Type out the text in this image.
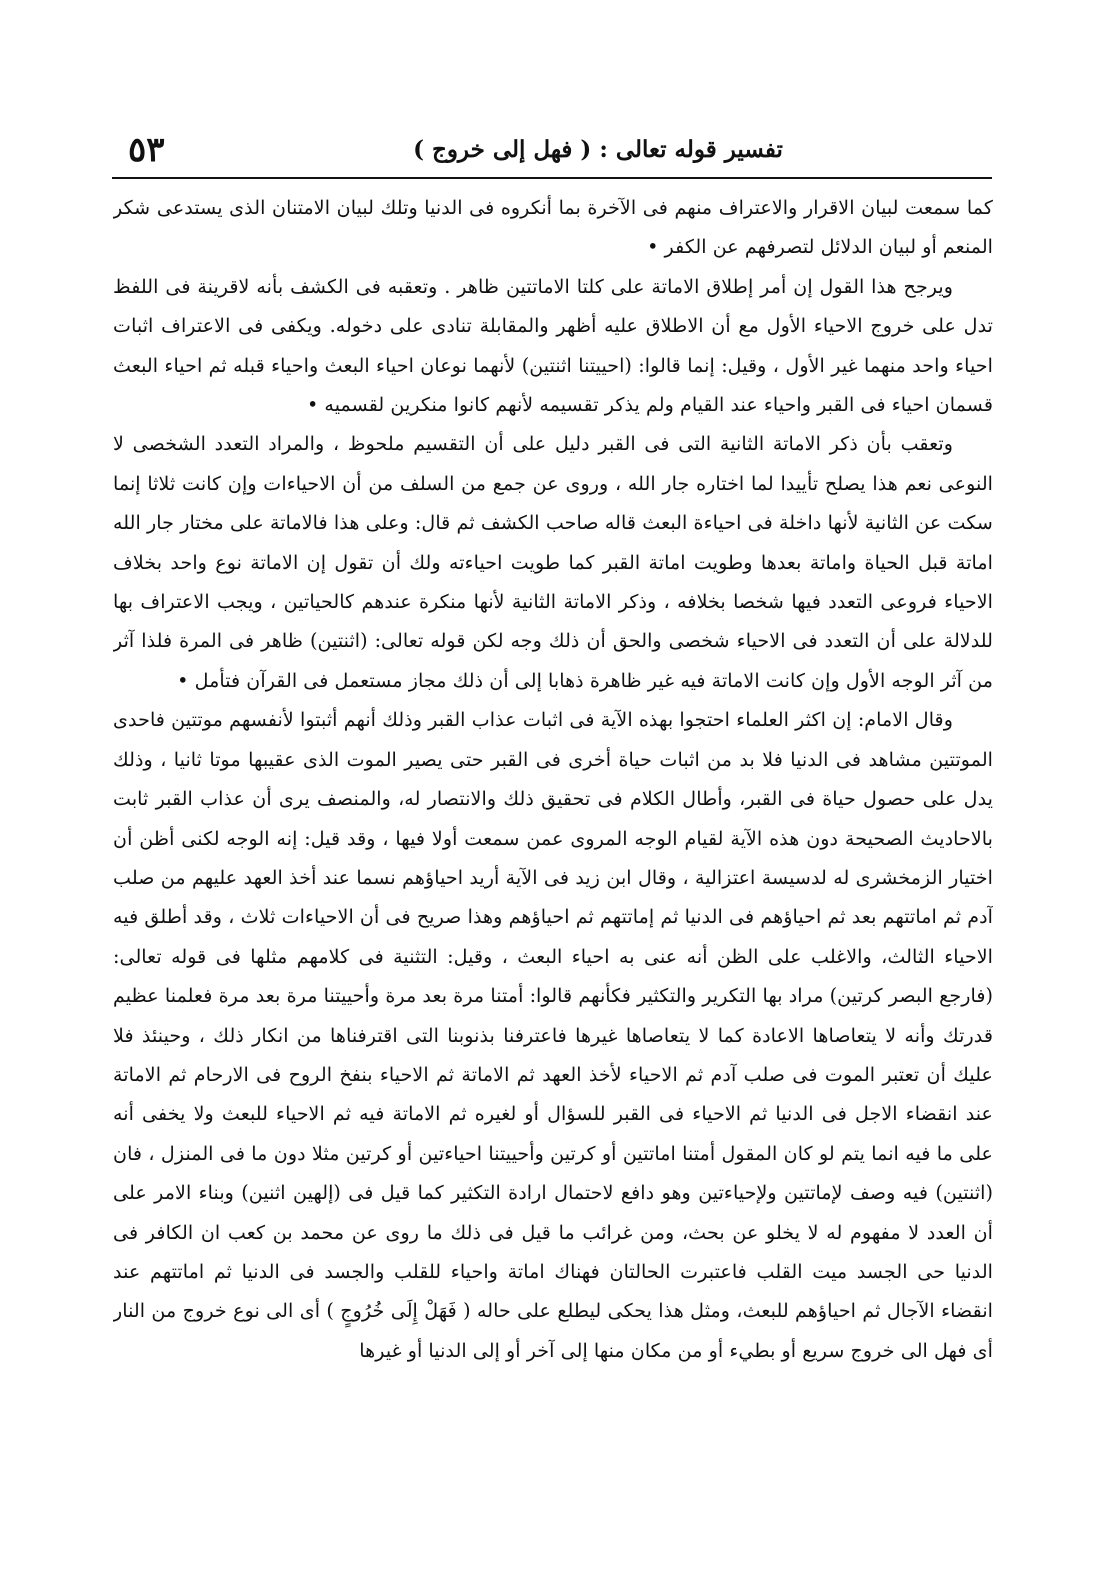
٥٣	تفسير قوله تعالى : ( فهل إلى خروج )

كما سمعت لبيان الاقرار والاعتراف منهم فى الآخرة بما أنكروه فى الدنيا وتلك لبيان الامتنان الذى يستدعى شكر المنعم أو لبيان الدلائل لتصرفهم عن الكفر •

ويرجح هذا القول إن أمر إطلاق الاماتة على كلتا الاماتتين ظاهر . وتعقبه فى الكشف بأنه لاقرينة فى اللفظ تدل على خروج الاحياء الأول مع أن الاطلاق عليه أظهر والمقابلة تنادى على دخوله. ويكفى فى الاعتراف اثبات احياء واحد منهما غير الأول ، وقيل: إنما قالوا: (احييتنا اثنتين) لأنهما نوعان احياء البعث واحياء قبله ثم احياء البعث قسمان احياء فى القبر واحياء عند القيام ولم يذكر تقسيمه لأنهم كانوا منكرين لقسميه •

وتعقب بأن ذكر الاماتة الثانية التى فى القبر دليل على أن التقسيم ملحوظ ، والمراد التعدد الشخصى لا النوعى نعم هذا يصلح تأييدا لما اختاره جار الله ، وروى عن جمع من السلف من أن الاحياءات وإن كانت ثلاثا إنما سكت عن الثانية لأنها داخلة فى احياءة البعث قاله صاحب الكشف ثم قال: وعلى هذا فالاماتة على مختار جار الله اماتة قبل الحياة واماتة بعدها وطويت اماتة القبر كما طويت احياءته ولك أن تقول إن الاماتة نوع واحد بخلاف الاحياء فروعى التعدد فيها شخصا بخلافه ، وذكر الاماتة الثانية لأنها منكرة عندهم كالحياتين ، ويجب الاعتراف بها للدلالة على أن التعدد فى الاحياء شخصى والحق أن ذلك وجه لكن قوله تعالى: (اثنتين) ظاهر فى المرة فلذا آثر من آثر الوجه الأول وإن كانت الاماتة فيه غير ظاهرة ذهابا إلى أن ذلك مجاز مستعمل فى القرآن فتأمل •

وقال الامام: إن اكثر العلماء احتجوا بهذه الآية فى اثبات عذاب القبر وذلك أنهم أثبتوا لأنفسهم موتتين فاحدى الموتتين مشاهد فى الدنيا فلا بد من اثبات حياة أخرى فى القبر حتى يصير الموت الذى عقيبها موتا ثانيا ، وذلك يدل على حصول حياة فى القبر، وأطال الكلام فى تحقيق ذلك والانتصار له، والمنصف يرى أن عذاب القبر ثابت بالاحاديث الصحيحة دون هذه الآية لقيام الوجه المروى عمن سمعت أولا فيها ، وقد قيل: إنه الوجه لكنى أظن أن اختيار الزمخشرى له لدسيسة اعتزالية ، وقال ابن زيد فى الآية أريد احياؤهم نسما عند أخذ العهد عليهم من صلب آدم ثم اماتتهم بعد ثم احياؤهم فى الدنيا ثم إماتتهم ثم احياؤهم وهذا صريح فى أن الاحياءات ثلاث ، وقد أطلق فيه الاحياء الثالث، والاغلب على الظن أنه عنى به احياء البعث ، وقيل: التثنية فى كلامهم مثلها فى قوله تعالى: (فارجع البصر كرتين) مراد بها التكرير والتكثير فكأنهم قالوا: أمتنا مرة بعد مرة وأحييتنا مرة بعد مرة فعلمنا عظيم قدرتك وأنه لا يتعاصاها الاعادة كما لا يتعاصاها غيرها فاعترفنا بذنوبنا التى اقترفناها من انكار ذلك ، وحينئذ فلا عليك أن تعتبر الموت فى صلب آدم ثم الاحياء لأخذ العهد ثم الاماتة ثم الاحياء بنفخ الروح فى الارحام ثم الاماتة عند انقضاء الاجل فى الدنيا ثم الاحياء فى القبر للسؤال أو لغيره ثم الاماتة فيه ثم الاحياء للبعث ولا يخفى أنه على ما فيه انما يتم لو كان المقول أمتنا اماتتين أو كرتين وأحييتنا احياءتين أو كرتين مثلا دون ما فى المنزل ، فان (اثنتين) فيه وصف لإماتتين ولإحياءتين وهو دافع لاحتمال ارادة التكثير كما قيل فى (إلهين اثنين) وبناء الامر على أن العدد لا مفهوم له لا يخلو عن بحث، ومن غرائب ما قيل فى ذلك ما روى عن محمد بن كعب ان الكافر فى الدنيا حى الجسد ميت القلب فاعتبرت الحالتان فهناك اماتة واحياء للقلب والجسد فى الدنيا ثم اماتتهم عند انقضاء الآجال ثم احياؤهم للبعث، ومثل هذا يحكى ليطلع على حاله ( فَهَلْ إِلَى خُرُوجٍ ) أى الى نوع خروج من النار أى فهل الى خروج سريع أو بطيء أو من مكان منها إلى آخر أو إلى الدنيا أو غيرها
